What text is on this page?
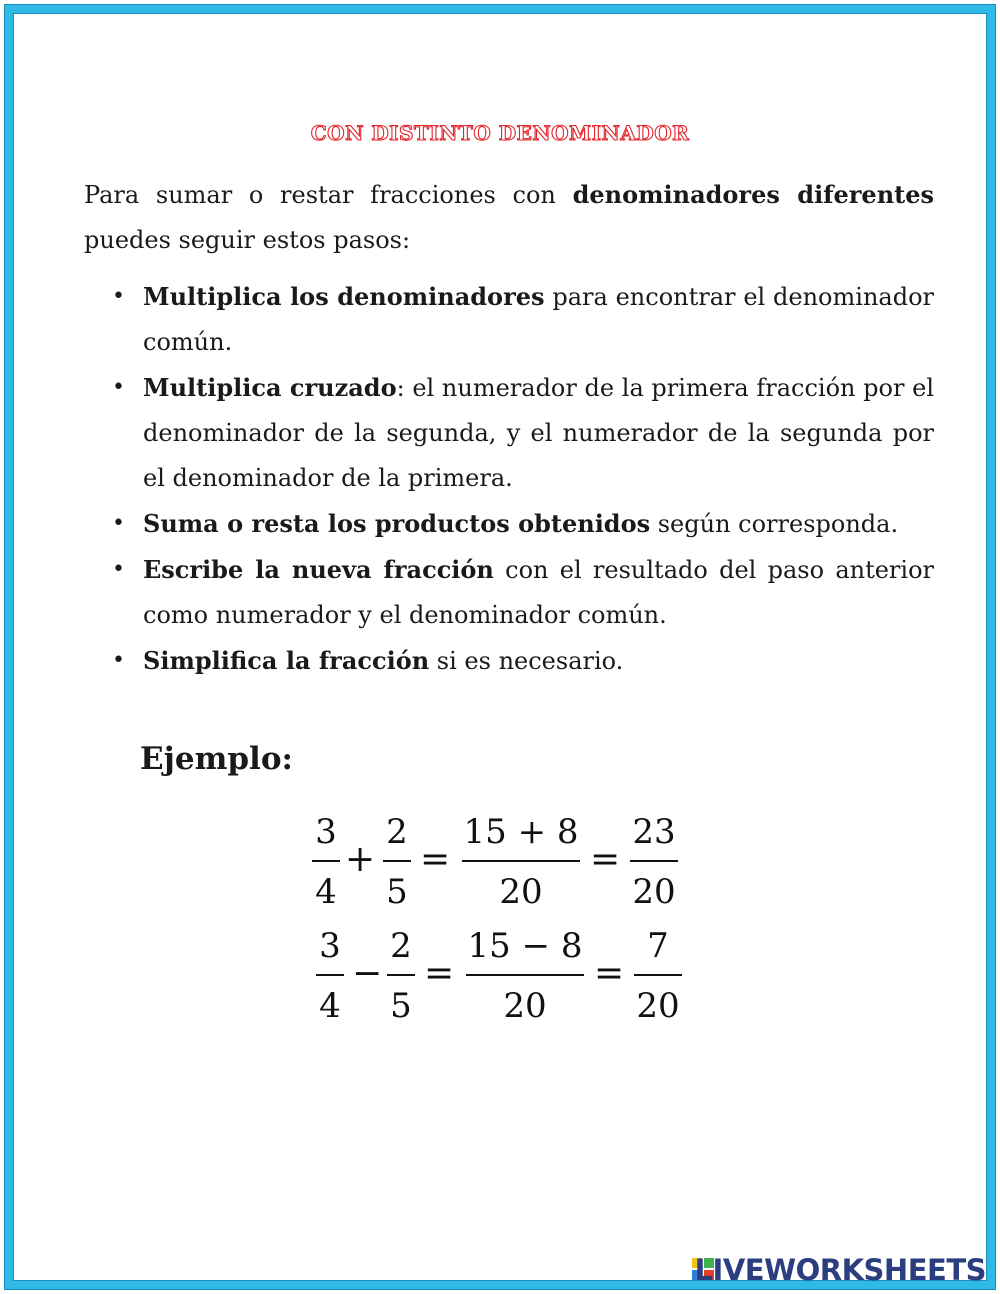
CON DISTINTO DENOMINADOR

Para sumar o restar fracciones con denominadores diferentes puedes seguir estos pasos:

• Multiplica los denominadores para encontrar el denominador común.
• Multiplica cruzado: el numerador de la primera fracción por el denominador de la segunda, y el numerador de la segunda por el denominador de la primera.
• Suma o resta los productos obtenidos según corresponda.
• Escribe la nueva fracción con el resultado del paso anterior como numerador y el denominador común.
• Simplifica la fracción si es necesario.
Ejemplo:
3
4
+
2
5
=
15 + 8
20
=
23
20
3
4
−
2
5
=
15 − 8
20
=
7
20
LIVEWORKSHEETS
